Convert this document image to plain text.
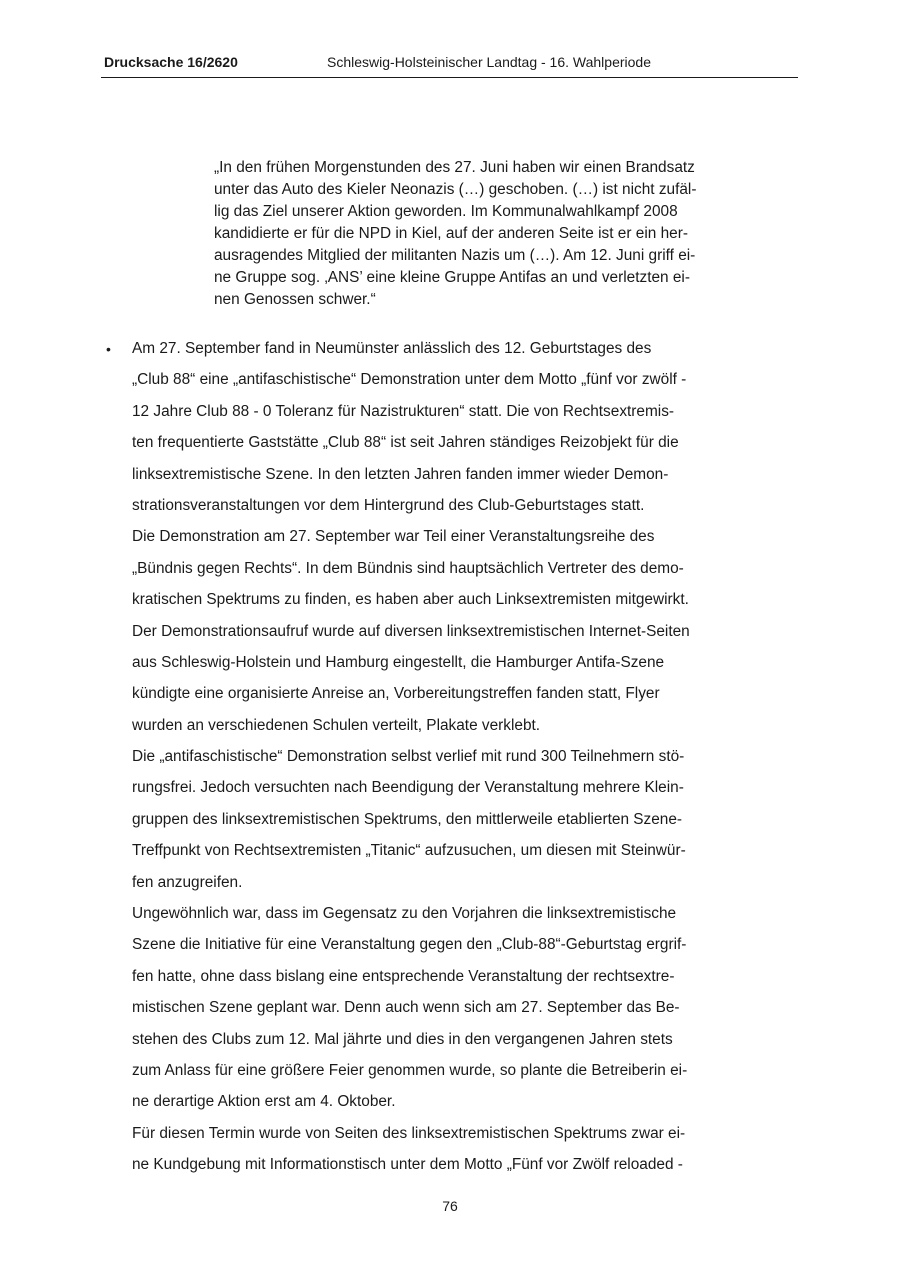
Drucksache 16/2620	Schleswig-Holsteinischer Landtag - 16. Wahlperiode
„In den frühen Morgenstunden des 27. Juni haben wir einen Brandsatz
unter das Auto des Kieler Neonazis (…) geschoben. (…) ist nicht zufäl-
lig das Ziel unserer Aktion geworden. Im Kommunalwahlkampf 2008
kandidierte er für die NPD in Kiel, auf der anderen Seite ist er ein her-
ausragendes Mitglied der militanten Nazis um (…). Am 12. Juni griff ei-
ne Gruppe sog. ‚ANS’ eine kleine Gruppe Antifas an und verletzten ei-
nen Genossen schwer.“
• Am 27. September fand in Neumünster anlässlich des 12. Geburtstages des
„Club 88“ eine „antifaschistische“ Demonstration unter dem Motto „fünf vor zwölf -
12 Jahre Club 88 - 0 Toleranz für Nazistrukturen“ statt. Die von Rechtsextremis-
ten frequentierte Gaststätte „Club 88“ ist seit Jahren ständiges Reizobjekt für die
linksextremistische Szene. In den letzten Jahren fanden immer wieder Demon-
strationsveranstaltungen vor dem Hintergrund des Club-Geburtstages statt.
Die Demonstration am 27. September war Teil einer Veranstaltungsreihe des
„Bündnis gegen Rechts“. In dem Bündnis sind hauptsächlich Vertreter des demo-
kratischen Spektrums zu finden, es haben aber auch Linksextremisten mitgewirkt.
Der Demonstrationsaufruf wurde auf diversen linksextremistischen Internet-Seiten
aus Schleswig-Holstein und Hamburg eingestellt, die Hamburger Antifa-Szene
kündigte eine organisierte Anreise an, Vorbereitungstreffen fanden statt, Flyer
wurden an verschiedenen Schulen verteilt, Plakate verklebt.
Die „antifaschistische“ Demonstration selbst verlief mit rund 300 Teilnehmern stö-
rungsfrei. Jedoch versuchten nach Beendigung der Veranstaltung mehrere Klein-
gruppen des linksextremistischen Spektrums, den mittlerweile etablierten Szene-
Treffpunkt von Rechtsextremisten „Titanic“ aufzusuchen, um diesen mit Steinwür-
fen anzugreifen.
Ungewöhnlich war, dass im Gegensatz zu den Vorjahren die linksextremistische
Szene die Initiative für eine Veranstaltung gegen den „Club-88“-Geburtstag ergrif-
fen hatte, ohne dass bislang eine entsprechende Veranstaltung der rechtsextre-
mistischen Szene geplant war. Denn auch wenn sich am 27. September das Be-
stehen des Clubs zum 12. Mal jährte und dies in den vergangenen Jahren stets
zum Anlass für eine größere Feier genommen wurde, so plante die Betreiberin ei-
ne derartige Aktion erst am 4. Oktober.
Für diesen Termin wurde von Seiten des linksextremistischen Spektrums zwar ei-
ne Kundgebung mit Informationstisch unter dem Motto „Fünf vor Zwölf reloaded -
76
